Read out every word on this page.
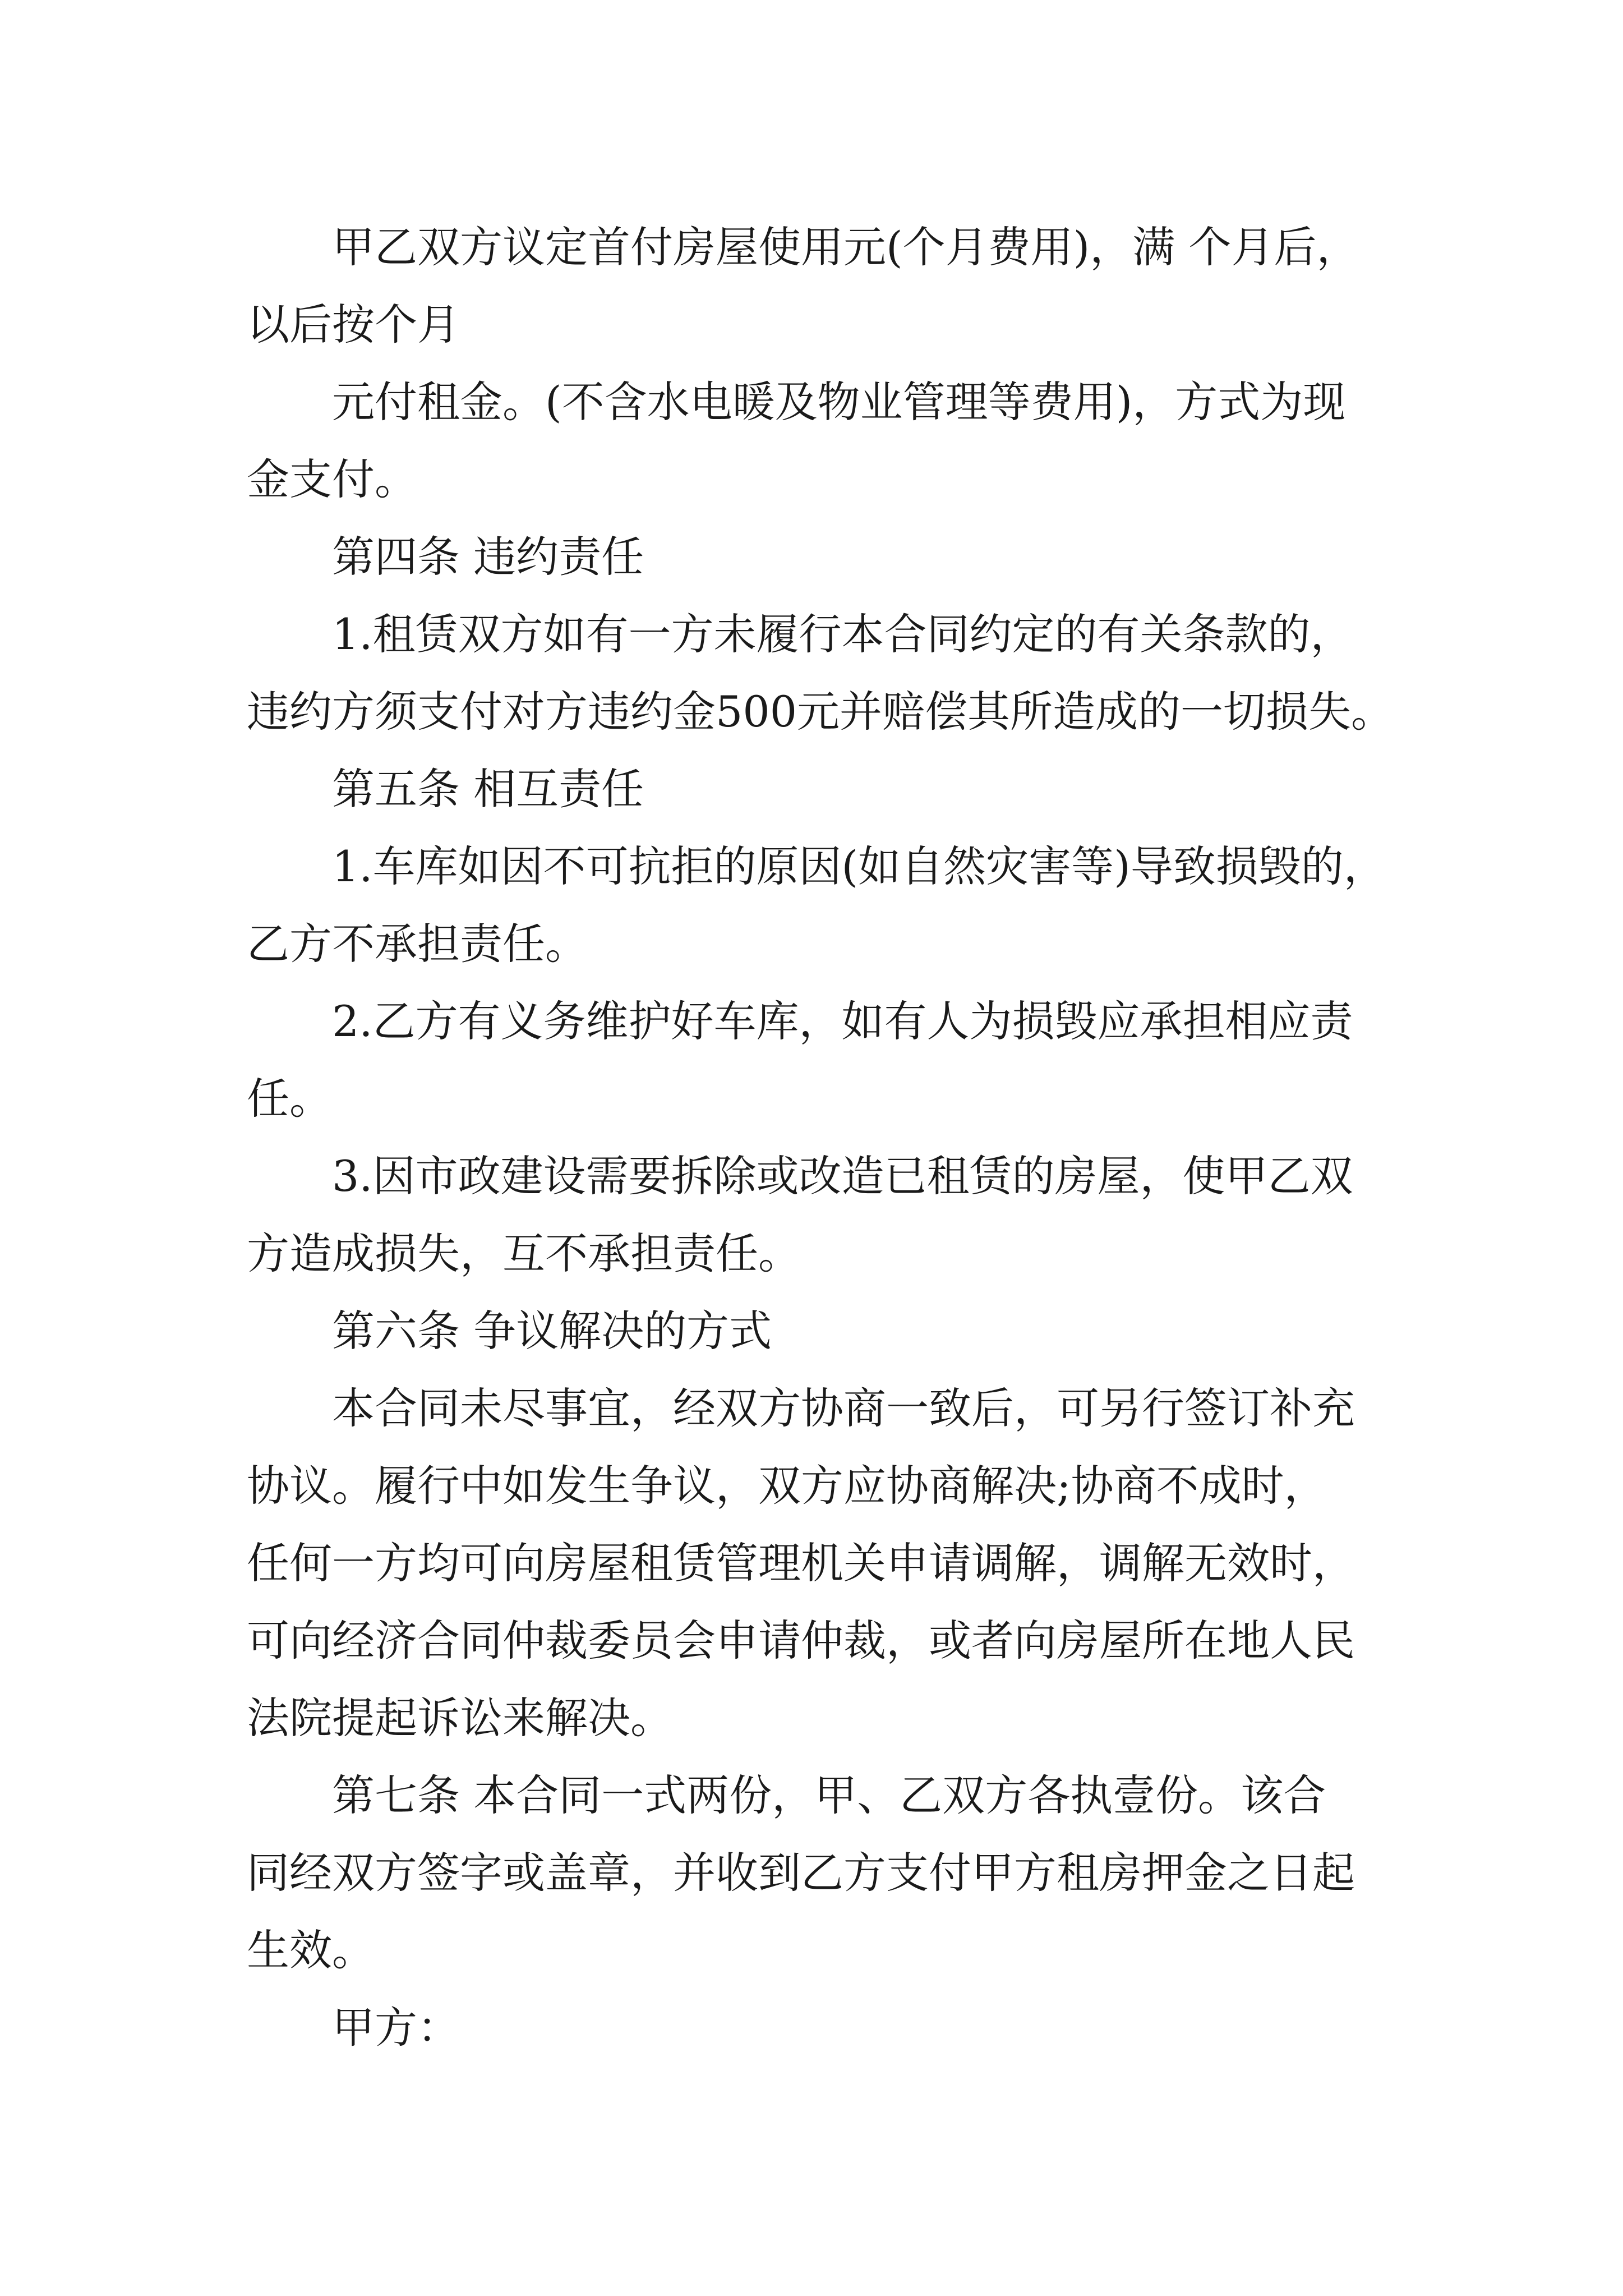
甲乙双方议定首付房屋使用元(个月费用)，满 个月后，
以后按个月
元付租金。(不含水电暖及物业管理等费用)，方式为现
金支付。
第四条 违约责任
1.租赁双方如有一方未履行本合同约定的有关条款的，
违约方须支付对方违约金500元并赔偿其所造成的一切损失。
第五条 相互责任
1.车库如因不可抗拒的原因(如自然灾害等)导致损毁的，
乙方不承担责任。
2.乙方有义务维护好车库，如有人为损毁应承担相应责
任。
3.因市政建设需要拆除或改造已租赁的房屋，使甲乙双
方造成损失，互不承担责任。
第六条 争议解决的方式
本合同未尽事宜，经双方协商一致后，可另行签订补充
协议。履行中如发生争议，双方应协商解决;协商不成时，
任何一方均可向房屋租赁管理机关申请调解，调解无效时，
可向经济合同仲裁委员会申请仲裁，或者向房屋所在地人民
法院提起诉讼来解决。
第七条 本合同一式两份，甲、乙双方各执壹份。该合
同经双方签字或盖章，并收到乙方支付甲方租房押金之日起
生效。
甲方：
